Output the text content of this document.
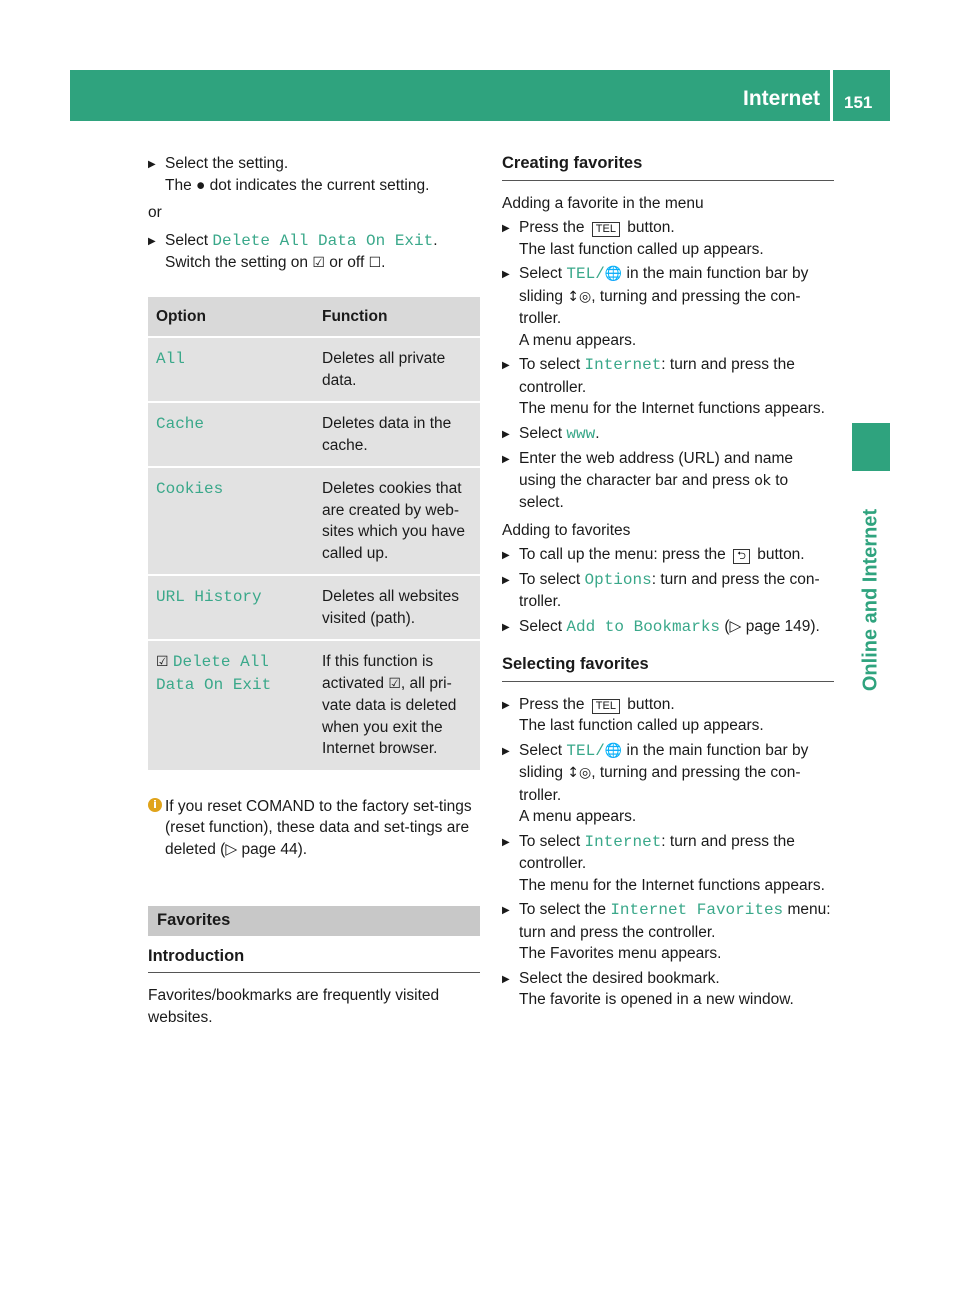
Internet 151
Online and Internet
▶ Select the setting.
The ● dot indicates the current setting.
or
▶ Select Delete All Data On Exit.
Switch the setting on ☑ or off ☐.
Option	Function
All	Deletes all private data.
Cache	Deletes data in the cache.
Cookies	Deletes cookies that are created by web-sites which you have called up.
URL History	Deletes all websites visited (path).
☑ Delete All Data On Exit	If this function is activated ☑, all pri-vate data is deleted when you exit the Internet browser.
i If you reset COMAND to the factory set-tings (reset function), these data and set-tings are deleted (▷ page 44).
Favorites
Introduction
Favorites/bookmarks are frequently visited websites.
Creating favorites
Adding a favorite in the menu
▶ Press the TEL button.
The last function called up appears.
▶ Select TEL/🌐 in the main function bar by sliding ↕◎, turning and pressing the con-troller.
A menu appears.
▶ To select Internet: turn and press the controller.
The menu for the Internet functions appears.
▶ Select www.
▶ Enter the web address (URL) and name using the character bar and press ok to select.
Adding to favorites
▶ To call up the menu: press the ⮌ button.
▶ To select Options: turn and press the con-troller.
▶ Select Add to Bookmarks (▷ page 149).
Selecting favorites
▶ Press the TEL button.
The last function called up appears.
▶ Select TEL/🌐 in the main function bar by sliding ↕◎, turning and pressing the con-troller.
A menu appears.
▶ To select Internet: turn and press the controller.
The menu for the Internet functions appears.
▶ To select the Internet Favorites menu: turn and press the controller.
The Favorites menu appears.
▶ Select the desired bookmark.
The favorite is opened in a new window.
